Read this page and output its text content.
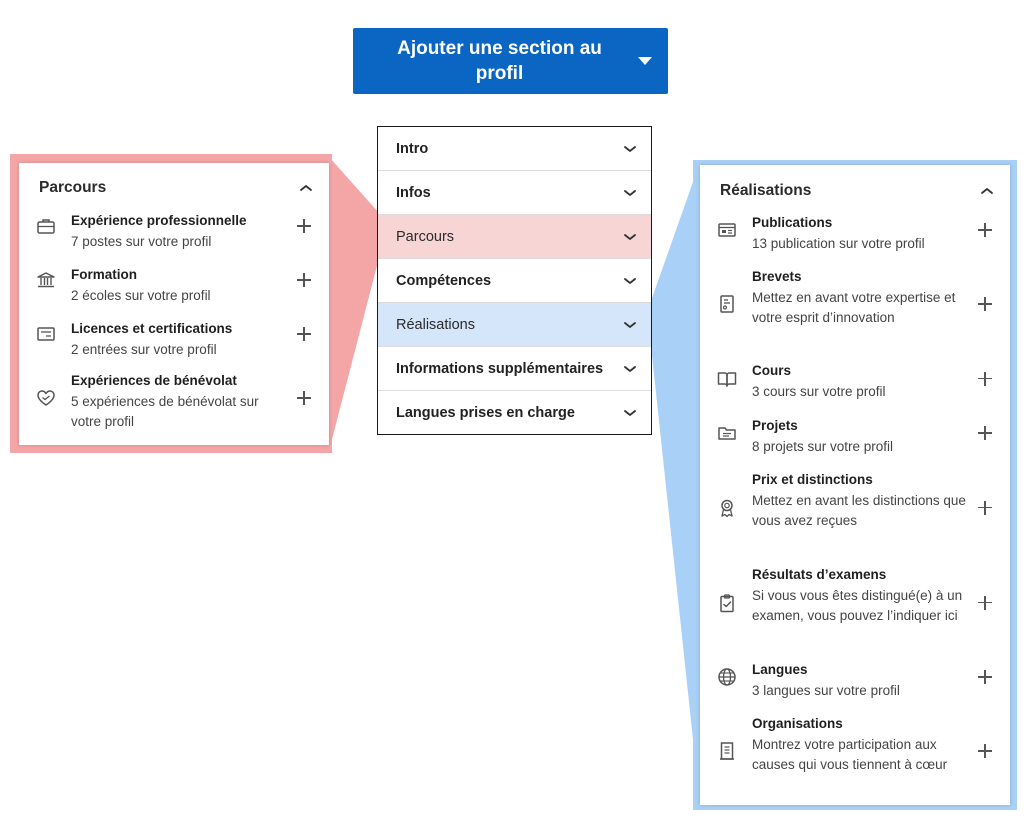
Ajouter une section au profil
Intro
Infos
Parcours
Compétences
Réalisations
Informations supplémentaires
Langues prises en charge
Parcours
Expérience professionnelle
7 postes sur votre profil
Formation
2 écoles sur votre profil
Licences et certifications
2 entrées sur votre profil
Expériences de bénévolat
5 expériences de bénévolat sur votre profil
Réalisations
Publications
13 publication sur votre profil
Brevets
Mettez en avant votre expertise et votre esprit d’innovation
Cours
3 cours sur votre profil
Projets
8 projets sur votre profil
Prix et distinctions
Mettez en avant les distinctions que vous avez reçues
Résultats d’examens
Si vous vous êtes distingué(e) à un examen, vous pouvez l’indiquer ici
Langues
3 langues sur votre profil
Organisations
Montrez votre participation aux causes qui vous tiennent à cœur
